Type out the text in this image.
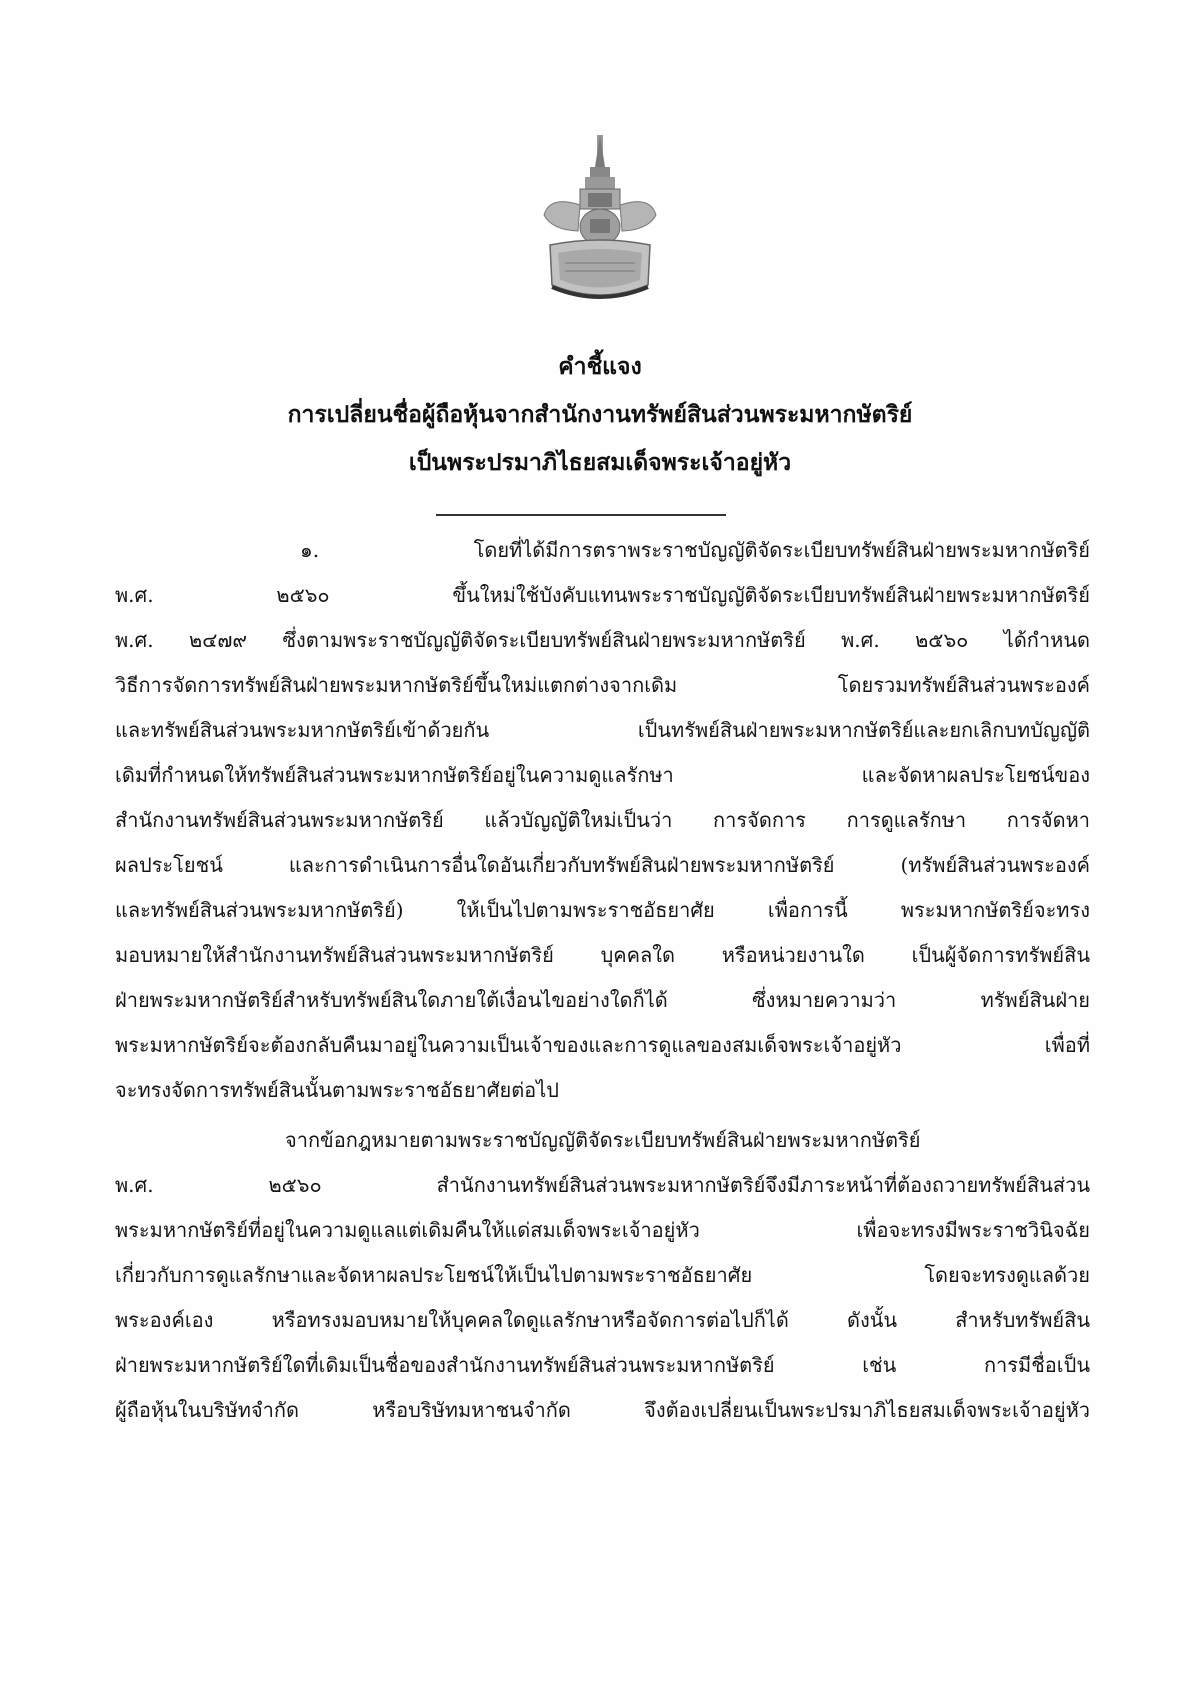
คำชี้แจง
การเปลี่ยนชื่อผู้ถือหุ้นจากสำนักงานทรัพย์สินส่วนพระมหากษัตริย์
เป็นพระปรมาภิไธยสมเด็จพระเจ้าอยู่หัว
๑. โดยที่ได้มีการตราพระราชบัญญัติจัดระเบียบทรัพย์สินฝ่ายพระมหากษัตริย์
พ.ศ. ๒๕๖๐ ขึ้นใหม่ใช้บังคับแทนพระราชบัญญัติจัดระเบียบทรัพย์สินฝ่ายพระมหากษัตริย์
พ.ศ. ๒๔๗๙ ซึ่งตามพระราชบัญญัติจัดระเบียบทรัพย์สินฝ่ายพระมหากษัตริย์ พ.ศ. ๒๕๖๐ ได้กำหนด
วิธีการจัดการทรัพย์สินฝ่ายพระมหากษัตริย์ขึ้นใหม่แตกต่างจากเดิม โดยรวมทรัพย์สินส่วนพระองค์
และทรัพย์สินส่วนพระมหากษัตริย์เข้าด้วยกัน เป็นทรัพย์สินฝ่ายพระมหากษัตริย์และยกเลิกบทบัญญัติ
เดิมที่กำหนดให้ทรัพย์สินส่วนพระมหากษัตริย์อยู่ในความดูแลรักษา และจัดหาผลประโยชน์ของ
สำนักงานทรัพย์สินส่วนพระมหากษัตริย์ แล้วบัญญัติใหม่เป็นว่า การจัดการ การดูแลรักษา การจัดหา
ผลประโยชน์ และการดำเนินการอื่นใดอันเกี่ยวกับทรัพย์สินฝ่ายพระมหากษัตริย์ (ทรัพย์สินส่วนพระองค์
และทรัพย์สินส่วนพระมหากษัตริย์) ให้เป็นไปตามพระราชอัธยาศัย เพื่อการนี้ พระมหากษัตริย์จะทรง
มอบหมายให้สำนักงานทรัพย์สินส่วนพระมหากษัตริย์ บุคคลใด หรือหน่วยงานใด เป็นผู้จัดการทรัพย์สิน
ฝ่ายพระมหากษัตริย์สำหรับทรัพย์สินใดภายใต้เงื่อนไขอย่างใดก็ได้ ซึ่งหมายความว่า ทรัพย์สินฝ่าย
พระมหากษัตริย์จะต้องกลับคืนมาอยู่ในความเป็นเจ้าของและการดูแลของสมเด็จพระเจ้าอยู่หัว เพื่อที่
จะทรงจัดการทรัพย์สินนั้นตามพระราชอัธยาศัยต่อไป
จากข้อกฎหมายตามพระราชบัญญัติจัดระเบียบทรัพย์สินฝ่ายพระมหากษัตริย์
พ.ศ. ๒๕๖๐ สำนักงานทรัพย์สินส่วนพระมหากษัตริย์จึงมีภาระหน้าที่ต้องถวายทรัพย์สินส่วน
พระมหากษัตริย์ที่อยู่ในความดูแลแต่เดิมคืนให้แด่สมเด็จพระเจ้าอยู่หัว เพื่อจะทรงมีพระราชวินิจฉัย
เกี่ยวกับการดูแลรักษาและจัดหาผลประโยชน์ให้เป็นไปตามพระราชอัธยาศัย โดยจะทรงดูแลด้วย
พระองค์เอง หรือทรงมอบหมายให้บุคคลใดดูแลรักษาหรือจัดการต่อไปก็ได้ ดังนั้น สำหรับทรัพย์สิน
ฝ่ายพระมหากษัตริย์ใดที่เดิมเป็นชื่อของสำนักงานทรัพย์สินส่วนพระมหากษัตริย์ เช่น การมีชื่อเป็น
ผู้ถือหุ้นในบริษัทจำกัด หรือบริษัทมหาชนจำกัด จึงต้องเปลี่ยนเป็นพระปรมาภิไธยสมเด็จพระเจ้าอยู่หัว
